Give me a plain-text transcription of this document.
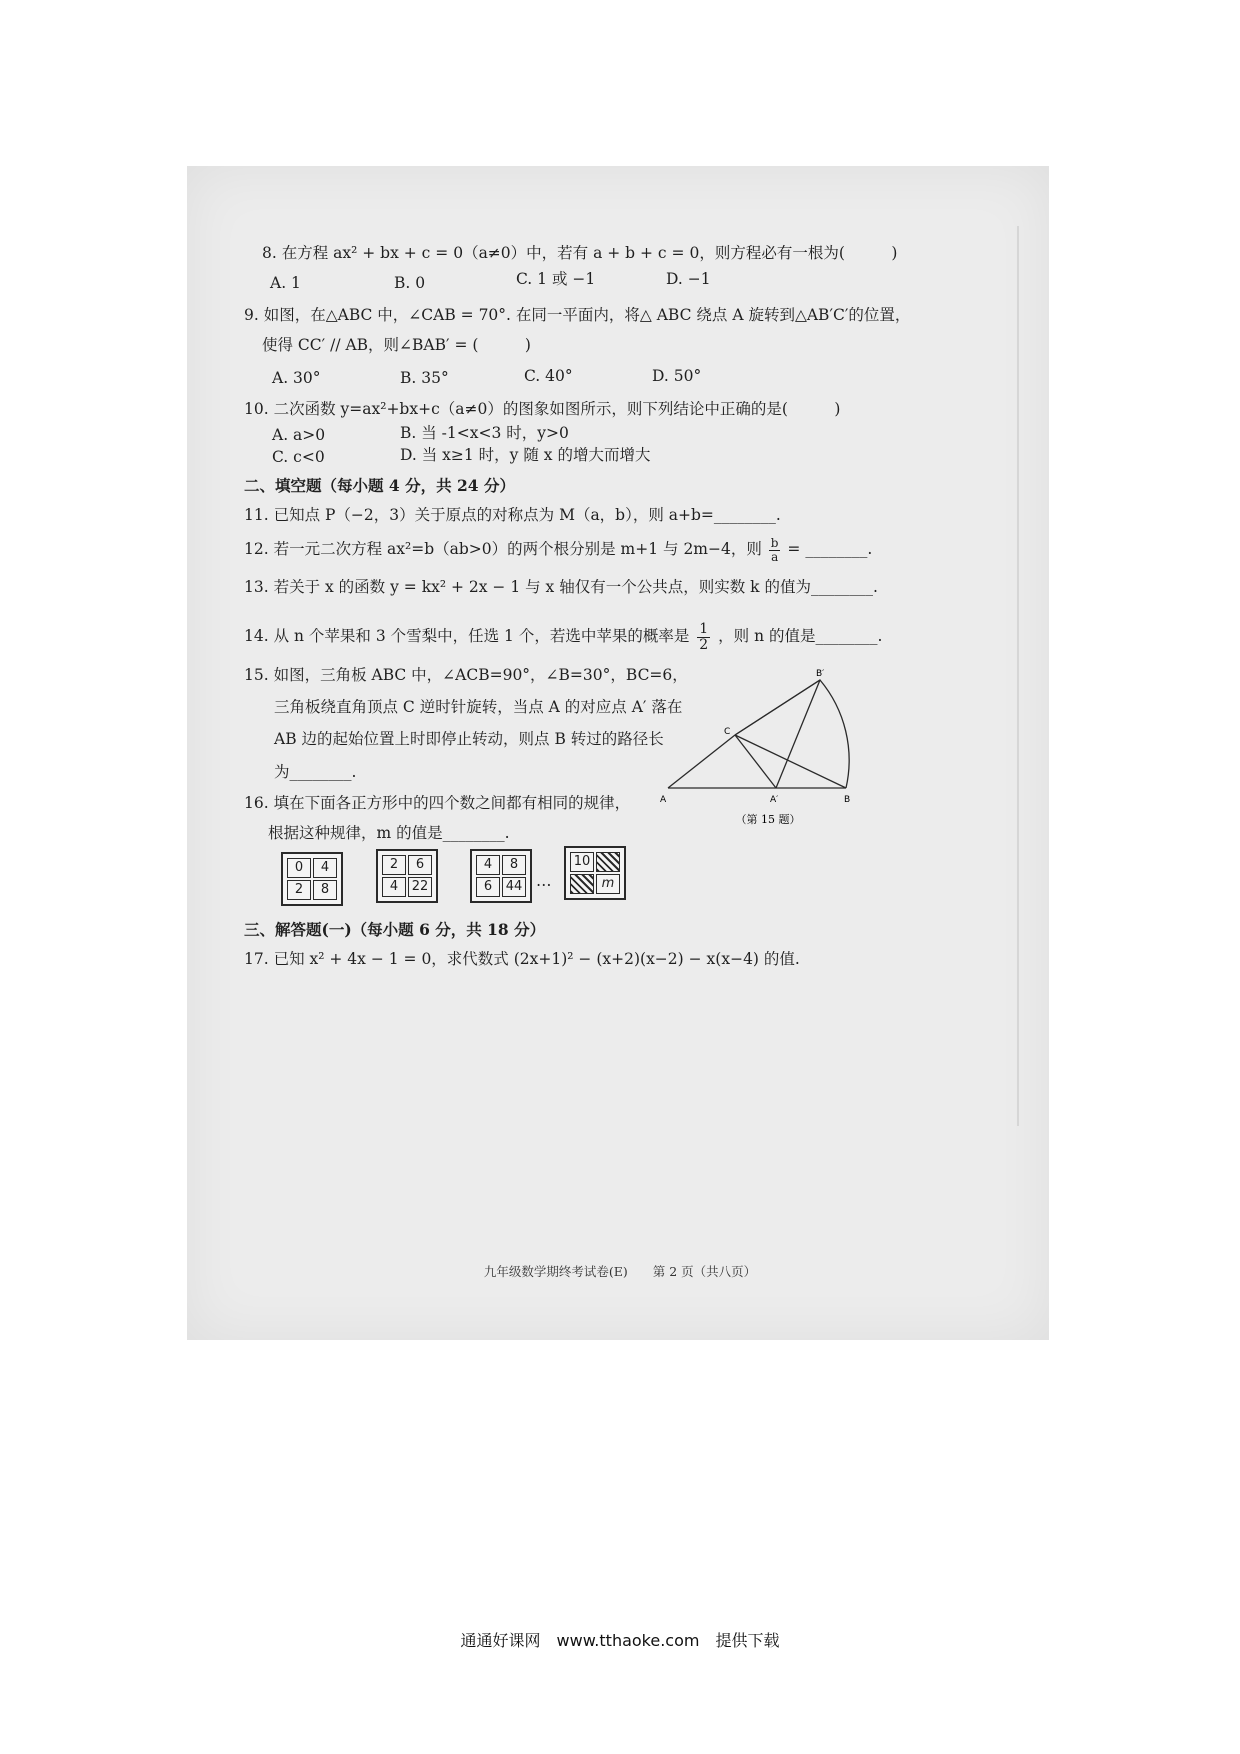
8. 在方程 ax² + bx + c = 0（a≠0）中，若有 a + b + c = 0，则方程必有一根为(　　　)
A. 1	B. 0	C. 1 或 −1	D. −1
9. 如图，在△ABC 中，∠CAB = 70°. 在同一平面内，将△ ABC 绕点 A 旋转到△AB′C′的位置，
使得 CC′ // AB，则∠BAB′ = (　　　)
A. 30°	B. 35°	C. 40°	D. 50°
10. 二次函数 y=ax²+bx+c（a≠0）的图象如图所示，则下列结论中正确的是(　　　)
A. a>0	B. 当 -1<x<3 时，y>0
C. c<0	D. 当 x≥1 时，y 随 x 的增大而增大
二、填空题（每小题 4 分，共 24 分）
11. 已知点 P（−2，3）关于原点的对称点为 M（a，b），则 a+b=________.
12. 若一元二次方程 ax²=b（ab>0）的两个根分别是 m+1 与 2m−4，则 $\frac{b}{a}$ = ________.
13. 若关于 x 的函数 y = kx² + 2x − 1 与 x 轴仅有一个公共点，则实数 k 的值为________.
14. 从 n 个苹果和 3 个雪梨中，任选 1 个，若选中苹果的概率是 $\frac{1}{2}$ ，则 n 的值是________.
15. 如图，三角板 ABC 中，∠ACB=90°，∠B=30°，BC=6，
三角板绕直角顶点 C 逆时针旋转，当点 A 的对应点 A′ 落在
AB 边的起始位置上时即停止转动，则点 B 转过的路径长
为________.
A	B
C
A′
B′
（第 15 题）
16. 填在下面各正方形中的四个数之间都有相同的规律，
根据这种规律，m 的值是________.
0	4
2	8
2	6
4	22
4	8
6	44 …
10
m
三、解答题(一)（每小题 6 分，共 18 分）
17. 已知 x² + 4x − 1 = 0，求代数式 (2x+1)² − (x+2)(x−2) − x(x−4) 的值.
九年级数学期终考试卷(E)　　第 2 页（共八页）
通通好课网　www.tthaoke.com　提供下载
